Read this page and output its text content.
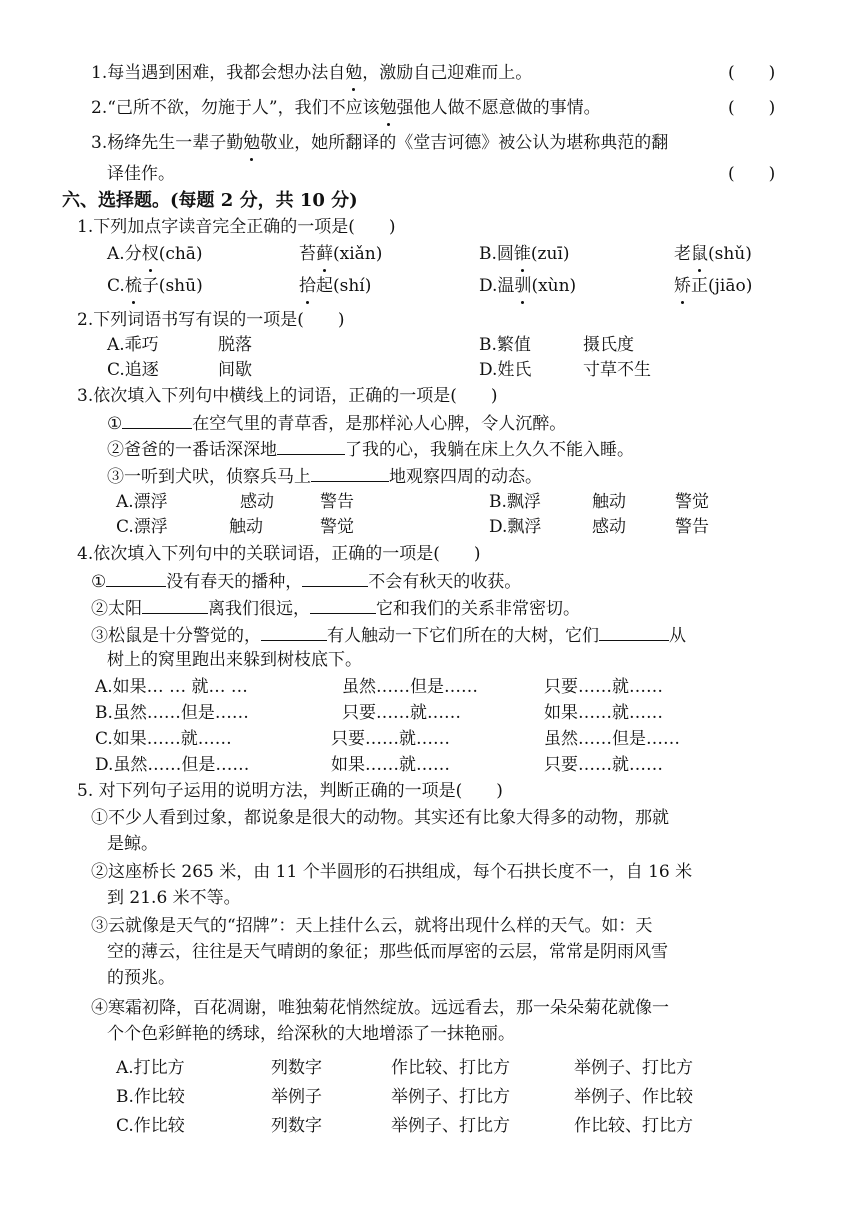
1.每当遇到困难，我都会想办法自勉，激励自己迎难而上。	(　　)
2.“己所不欲，勿施于人”，我们不应该勉强他人做不愿意做的事情。	(　　)
3.杨绛先生一辈子勤勉敬业，她所翻译的《堂吉诃德》被公认为堪称典范的翻
译佳作。	(　　)
六、选择题。(每题 2 分，共 10 分)
1.下列加点字读音完全正确的一项是(　　)
A.分杈(chā)	苔藓(xiǎn)	B.圆锥(zuī)	老鼠(shǔ)
C.梳子(shū)	拾起(shí)	D.温驯(xùn)	矫正(jiāo)
2.下列词语书写有误的一项是(　　)
A.乖巧	脱落	B.繁值	摄氏度
C.追逐	间歇	D.姓氏	寸草不生
3.依次填入下列句中横线上的词语，正确的一项是(　　)
①	在空气里的青草香，是那样沁人心脾，令人沉醉。
②爸爸的一番话深深地	了我的心，我躺在床上久久不能入睡。
③一听到犬吠，侦察兵马上	地观察四周的动态。
A.漂浮	感动	警告	B.飘浮	触动	警觉
C.漂浮	触动	警觉	D.飘浮	感动	警告
4.依次填入下列句中的关联词语，正确的一项是(　　)
①	没有春天的播种，	不会有秋天的收获。
②太阳	离我们很远，	它和我们的关系非常密切。
③松鼠是十分警觉的，	有人触动一下它们所在的大树，它们	从
树上的窝里跑出来躲到树枝底下。
A.如果… … 就… …	虽然……但是……	只要……就……
B.虽然……但是……	只要……就……	如果……就……
C.如果……就……	只要……就……	虽然……但是……
D.虽然……但是……	如果……就……	只要……就……
5. 对下列句子运用的说明方法，判断正确的一项是(　　)
①不少人看到过象，都说象是很大的动物。其实还有比象大得多的动物，那就
是鲸。
②这座桥长 265 米，由 11 个半圆形的石拱组成，每个石拱长度不一，自 16 米
到 21.6 米不等。
③云就像是天气的“招牌”：天上挂什么云，就将出现什么样的天气。如：天
空的薄云，往往是天气晴朗的象征；那些低而厚密的云层，常常是阴雨风雪
的预兆。
④寒霜初降，百花凋谢，唯独菊花悄然绽放。远远看去，那一朵朵菊花就像一
个个色彩鲜艳的绣球，给深秋的大地增添了一抹艳丽。
A.打比方	列数字	作比较、打比方	举例子、打比方
B.作比较	举例子	举例子、打比方	举例子、作比较
C.作比较	列数字	举例子、打比方	作比较、打比方
